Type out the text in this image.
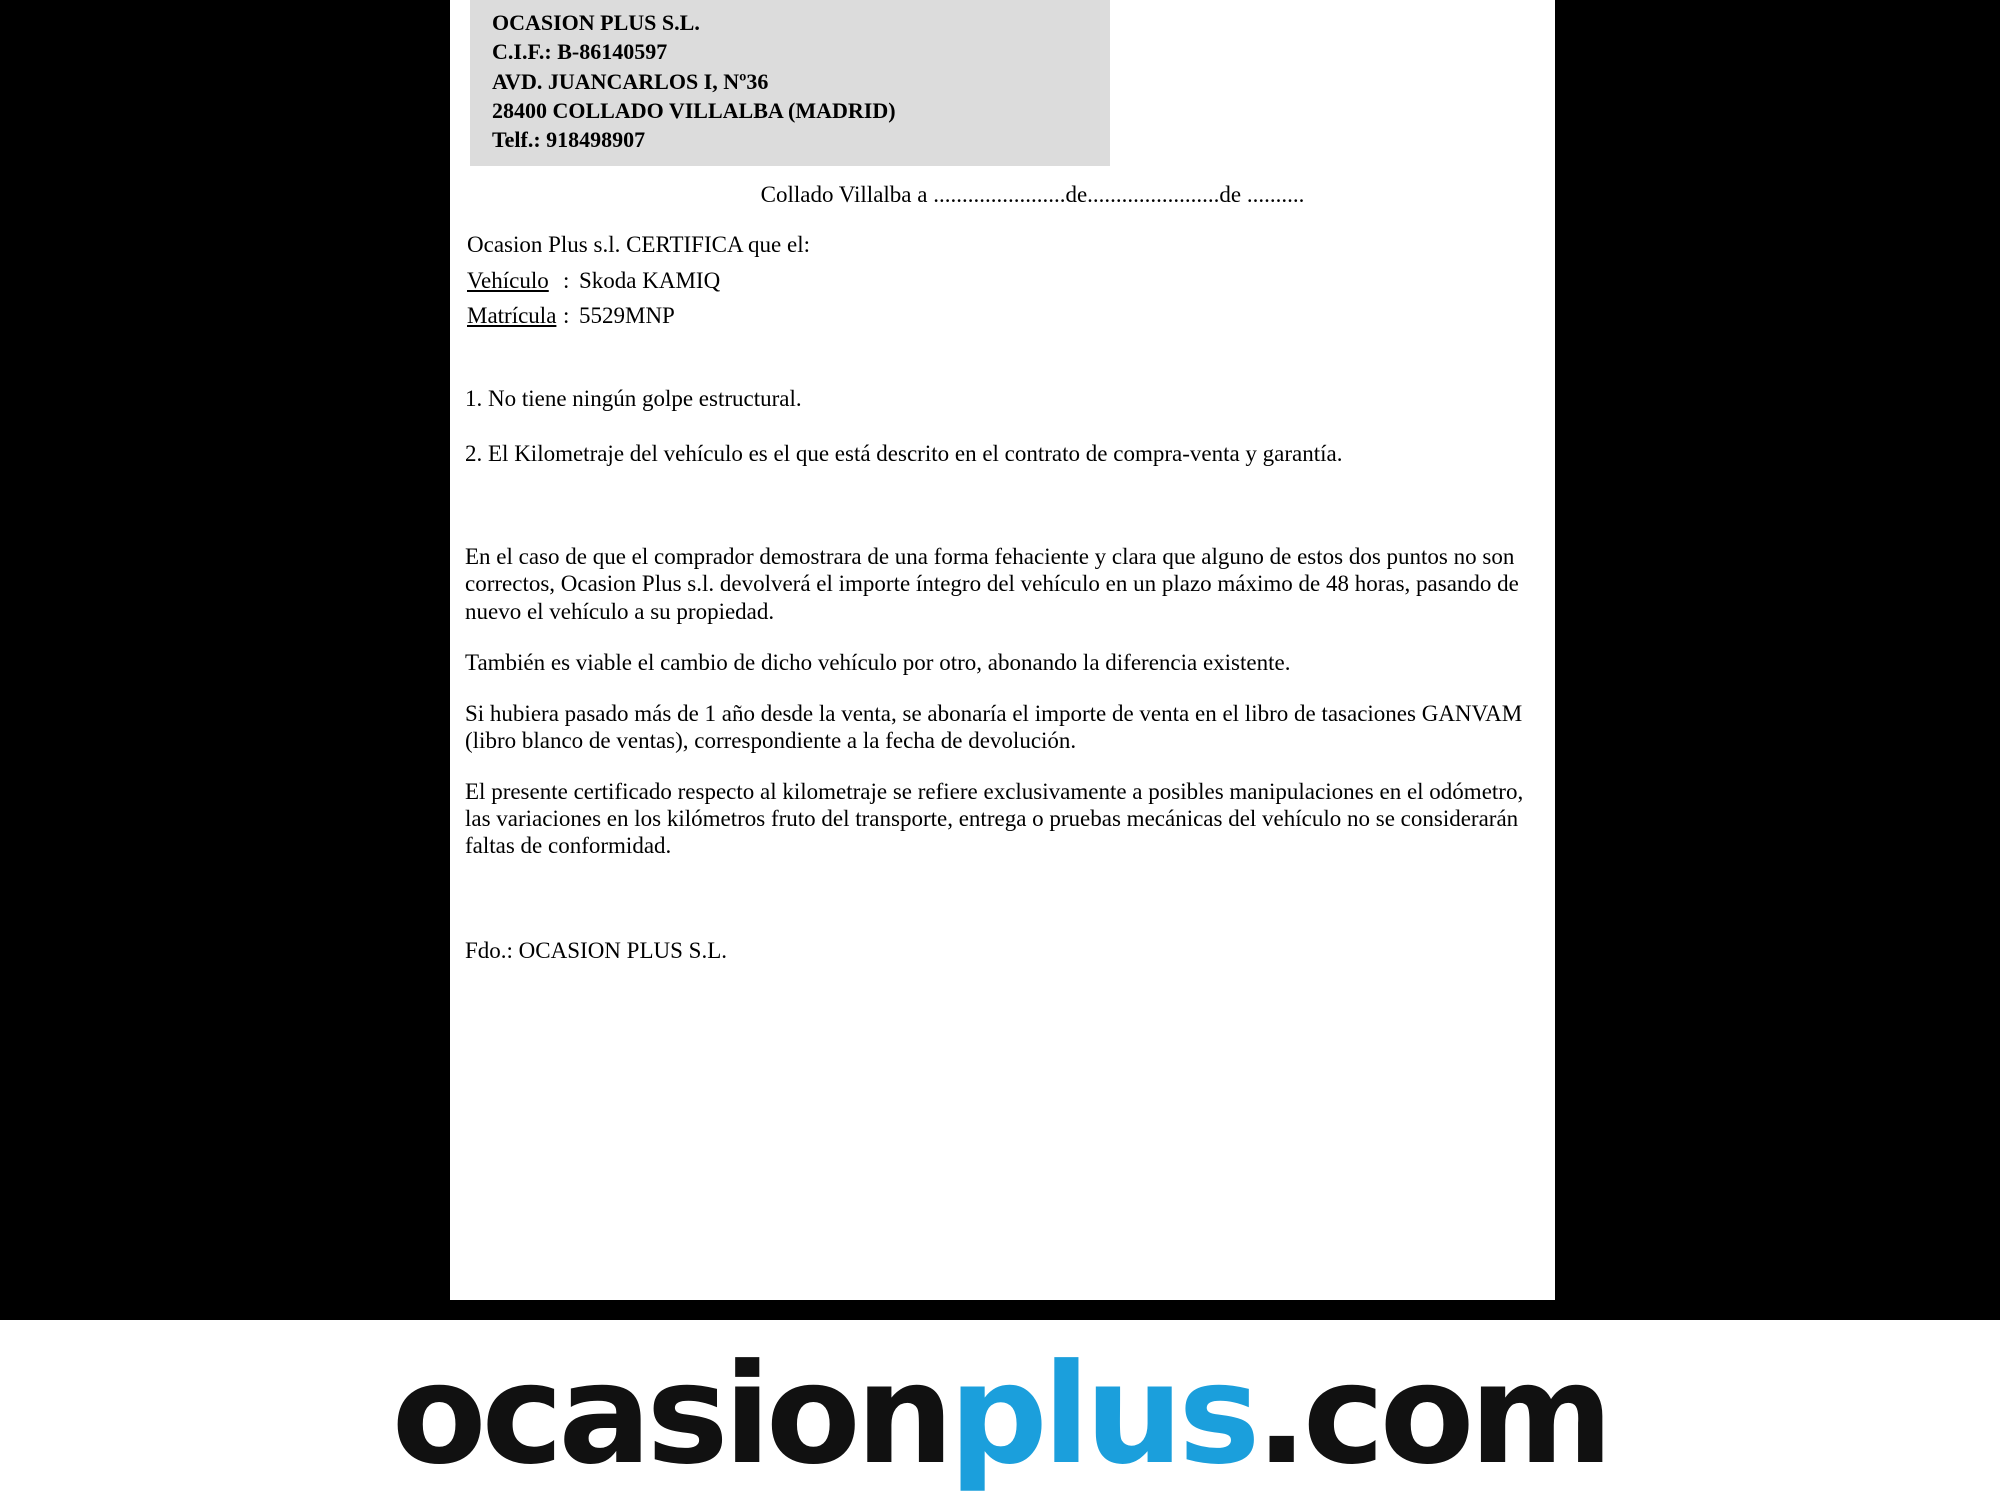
OCASION PLUS S.L.
C.I.F.: B-86140597
AVD. JUANCARLOS I, Nº36
28400 COLLADO VILLALBA (MADRID)
Telf.: 918498907
Collado Villalba a .......................de.......................de ..........
Ocasion Plus s.l. CERTIFICA que el:
Vehículo : Skoda KAMIQ
Matrícula : 5529MNP
1. No tiene ningún golpe estructural.
2. El Kilometraje del vehículo es el que está descrito en el contrato de compra-venta y garantía.
En el caso de que el comprador demostrara de una forma fehaciente y clara que alguno de estos dos puntos no son correctos, Ocasion Plus s.l. devolverá el importe íntegro del vehículo en un plazo máximo de 48 horas, pasando de nuevo el vehículo a su propiedad.
También es viable el cambio de dicho vehículo por otro, abonando la diferencia existente.
Si hubiera pasado más de 1 año desde la venta, se abonaría el importe de venta en el libro de tasaciones GANVAM (libro blanco de ventas), correspondiente a la fecha de devolución.
El presente certificado respecto al kilometraje se refiere exclusivamente a posibles manipulaciones en el odómetro, las variaciones en los kilómetros fruto del transporte, entrega o pruebas mecánicas del vehículo no se considerarán faltas de conformidad.
Fdo.: OCASION PLUS S.L.
ocasionplus.com
